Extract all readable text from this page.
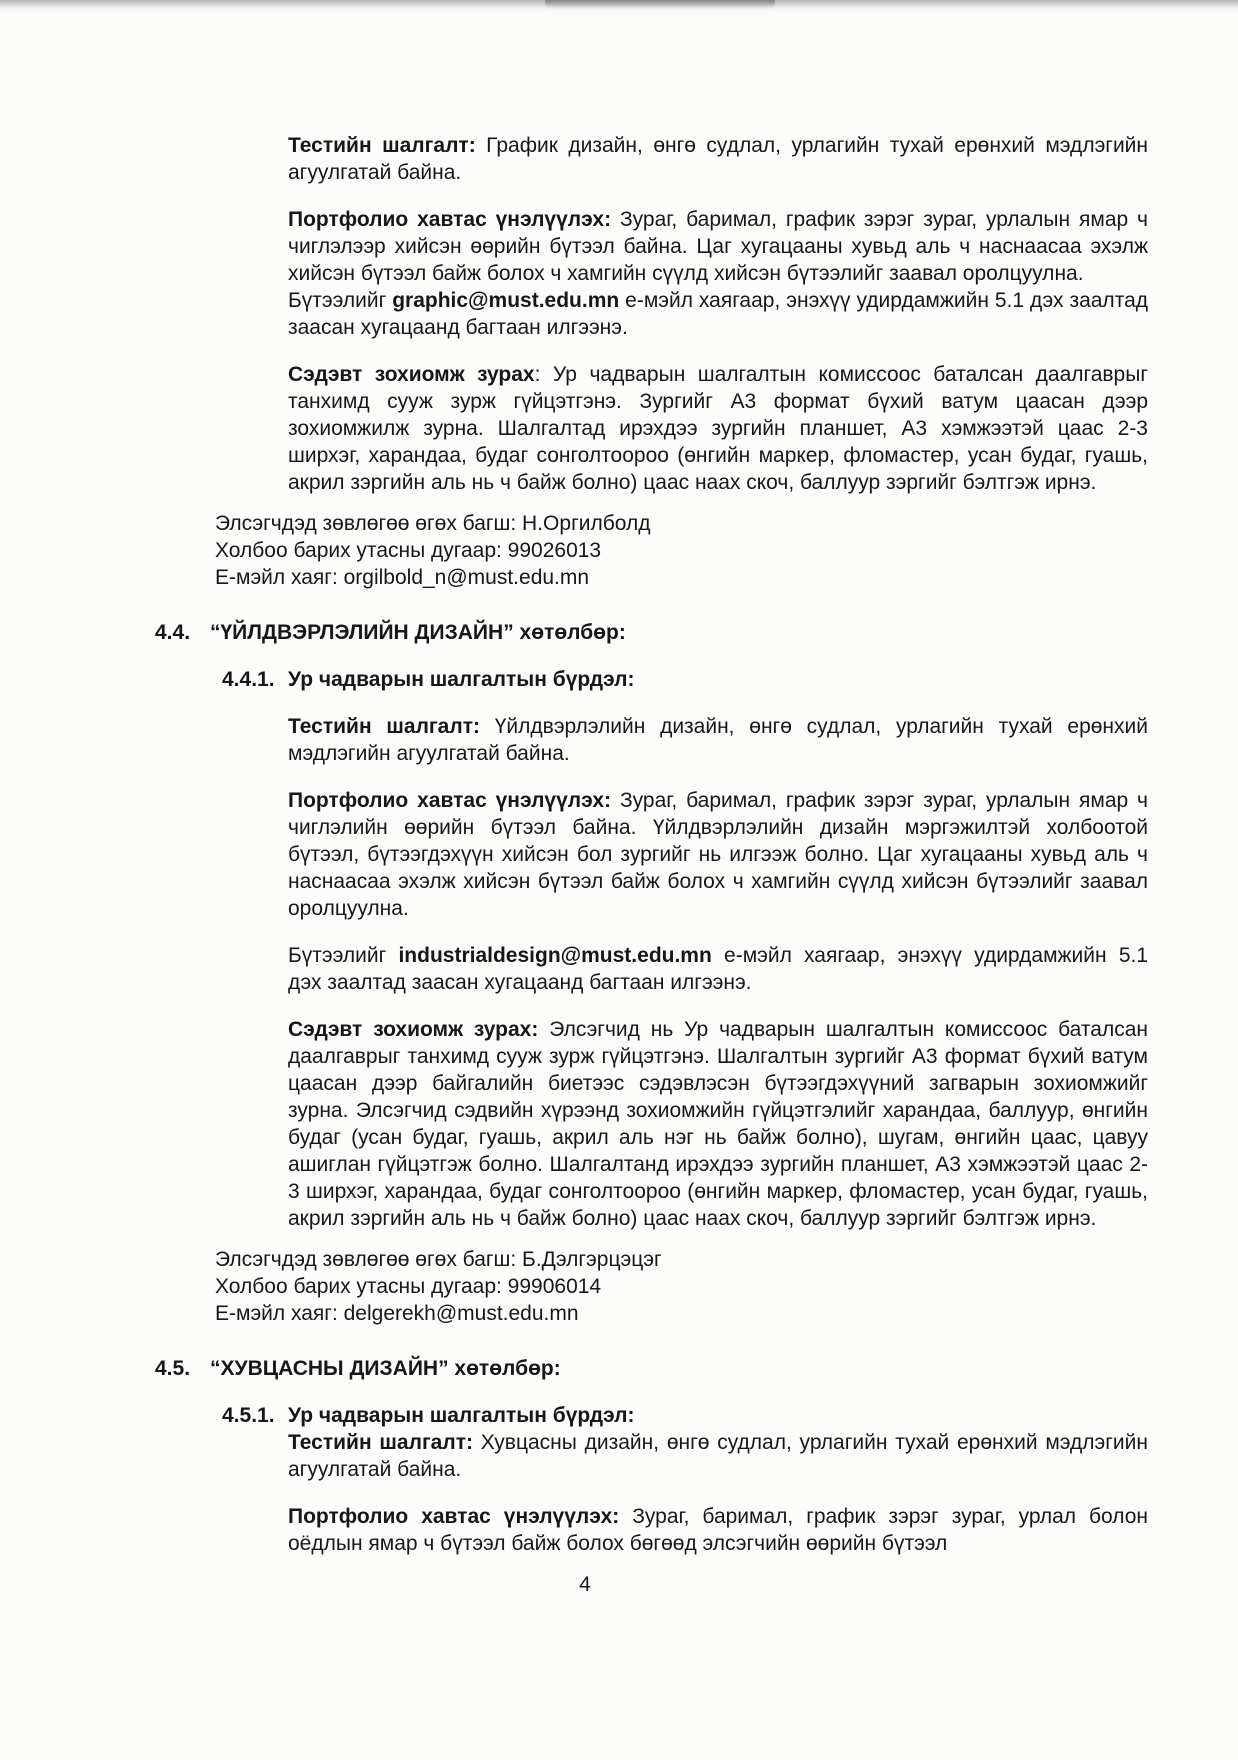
Тестийн шалгалт: График дизайн, өнгө судлал, урлагийн тухай ерөнхий мэдлэгийн агуулгатай байна.

Портфолио хавтас үнэлүүлэх: Зураг, баримал, график зэрэг зураг, урлалын ямар ч чиглэлээр хийсэн өөрийн бүтээл байна. Цаг хугацааны хувьд аль ч наснаасаа эхэлж хийсэн бүтээл байж болох ч хамгийн сүүлд хийсэн бүтээлийг заавал оролцуулна.

Бүтээлийг graphic@must.edu.mn е-мэйл хаягаар, энэхүү удирдамжийн 5.1 дэх заалтад заасан хугацаанд багтаан илгээнэ.

Сэдэвт зохиомж зурах: Ур чадварын шалгалтын комиссоос баталсан даалгаврыг танхимд сууж зурж гүйцэтгэнэ. Зургийг А3 формат бүхий ватум цаасан дээр зохиомжилж зурна. Шалгалтад ирэхдээ зургийн планшет, А3 хэмжээтэй цаас 2-3 ширхэг, харандаа, будаг сонголтоороо (өнгийн маркер, фломастер, усан будаг, гуашь, акрил зэргийн аль нь ч байж болно) цаас наах скоч, баллуур зэргийг бэлтгэж ирнэ.

Элсэгчдэд зөвлөгөө өгөх багш: Н.Оргилболд
Холбоо барих утасны дугаар: 99026013
Е-мэйл хаяг: orgilbold_n@must.edu.mn
4.4. “ҮЙЛДВЭРЛЭЛИЙН ДИЗАЙН” хөтөлбөр:
4.4.1. Ур чадварын шалгалтын бүрдэл:

Тестийн шалгалт: Үйлдвэрлэлийн дизайн, өнгө судлал, урлагийн тухай ерөнхий мэдлэгийн агуулгатай байна.

Портфолио хавтас үнэлүүлэх: Зураг, баримал, график зэрэг зураг, урлалын ямар ч чиглэлийн өөрийн бүтээл байна. Үйлдвэрлэлийн дизайн мэргэжилтэй холбоотой бүтээл, бүтээгдэхүүн хийсэн бол зургийг нь илгээж болно. Цаг хугацааны хувьд аль ч наснаасаа эхэлж хийсэн бүтээл байж болох ч хамгийн сүүлд хийсэн бүтээлийг заавал оролцуулна.

Бүтээлийг industrialdesign@must.edu.mn е-мэйл хаягаар, энэхүү удирдамжийн 5.1 дэх заалтад заасан хугацаанд багтаан илгээнэ.

Сэдэвт зохиомж зурах: Элсэгчид нь Ур чадварын шалгалтын комиссоос баталсан даалгаврыг танхимд сууж зурж гүйцэтгэнэ. Шалгалтын зургийг А3 формат бүхий ватум цаасан дээр байгалийн биетээс сэдэвлэсэн бүтээгдэхүүний загварын зохиомжийг зурна. Элсэгчид сэдвийн хүрээнд зохиомжийн гүйцэтгэлийг харандаа, баллуур, өнгийн будаг (усан будаг, гуашь, акрил аль нэг нь байж болно), шугам, өнгийн цаас, цавуу ашиглан гүйцэтгэж болно. Шалгалтанд ирэхдээ зургийн планшет, А3 хэмжээтэй цаас 2-3 ширхэг, харандаа, будаг сонголтоороо (өнгийн маркер, фломастер, усан будаг, гуашь, акрил зэргийн аль нь ч байж болно) цаас наах скоч, баллуур зэргийг бэлтгэж ирнэ.

Элсэгчдэд зөвлөгөө өгөх багш: Б.Дэлгэрцэцэг
Холбоо барих утасны дугаар: 99906014
Е-мэйл хаяг: delgerekh@must.edu.mn
4.5. “ХУВЦАСНЫ ДИЗАЙН” хөтөлбөр:
4.5.1. Ур чадварын шалгалтын бүрдэл:

Тестийн шалгалт: Хувцасны дизайн, өнгө судлал, урлагийн тухай ерөнхий мэдлэгийн агуулгатай байна.

Портфолио хавтас үнэлүүлэх: Зураг, баримал, график зэрэг зураг, урлал болон оёдлын ямар ч бүтээл байж болох бөгөөд элсэгчийн өөрийн бүтээл

4
